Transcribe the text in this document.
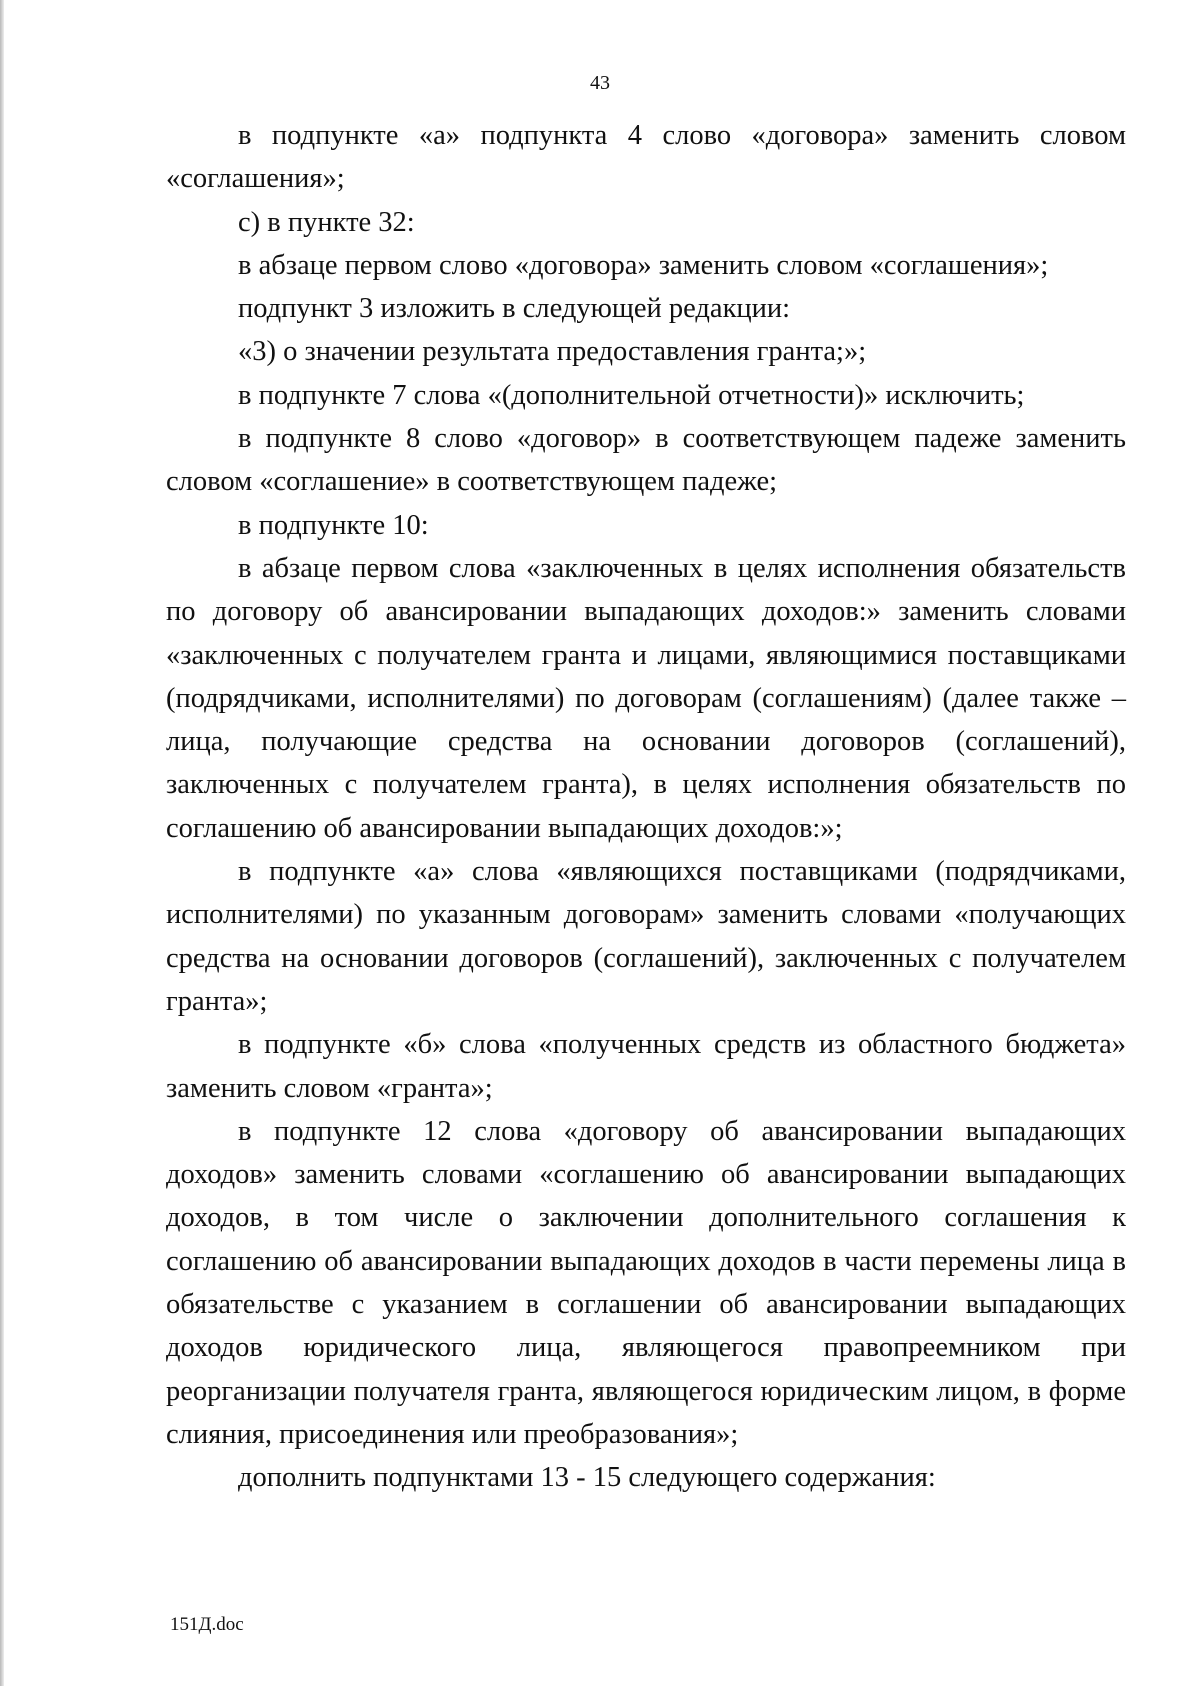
43

в подпункте «а» подпункта 4 слово «договора» заменить словом «соглашения»;

с) в пункте 32:

в абзаце первом слово «договора» заменить словом «соглашения»;

подпункт 3 изложить в следующей редакции:

«3) о значении результата предоставления гранта;»;

в подпункте 7 слова «(дополнительной отчетности)» исключить;

в подпункте 8 слово «договор» в соответствующем падеже заменить словом «соглашение» в соответствующем падеже;

в подпункте 10:

в абзаце первом слова «заключенных в целях исполнения обязательств по договору об авансировании выпадающих доходов:» заменить словами «заключенных с получателем гранта и лицами, являющимися поставщиками (подрядчиками, исполнителями) по договорам (соглашениям) (далее также – лица, получающие средства на основании договоров (соглашений), заключенных с получателем гранта), в целях исполнения обязательств по соглашению об авансировании выпадающих доходов:»;

в подпункте «а» слова «являющихся поставщиками (подрядчиками, исполнителями) по указанным договорам» заменить словами «получающих средства на основании договоров (соглашений), заключенных с получателем гранта»;

в подпункте «б» слова «полученных средств из областного бюджета» заменить словом «гранта»;

в подпункте 12 слова «договору об авансировании выпадающих доходов» заменить словами «соглашению об авансировании выпадающих доходов, в том числе о заключении дополнительного соглашения к соглашению об авансировании выпадающих доходов в части перемены лица в обязательстве с указанием в соглашении об авансировании выпадающих доходов юридического лица, являющегося правопреемником при реорганизации получателя гранта, являющегося юридическим лицом, в форме слияния, присоединения или преобразования»;

дополнить подпунктами 13 - 15 следующего содержания:

151Д.doc
